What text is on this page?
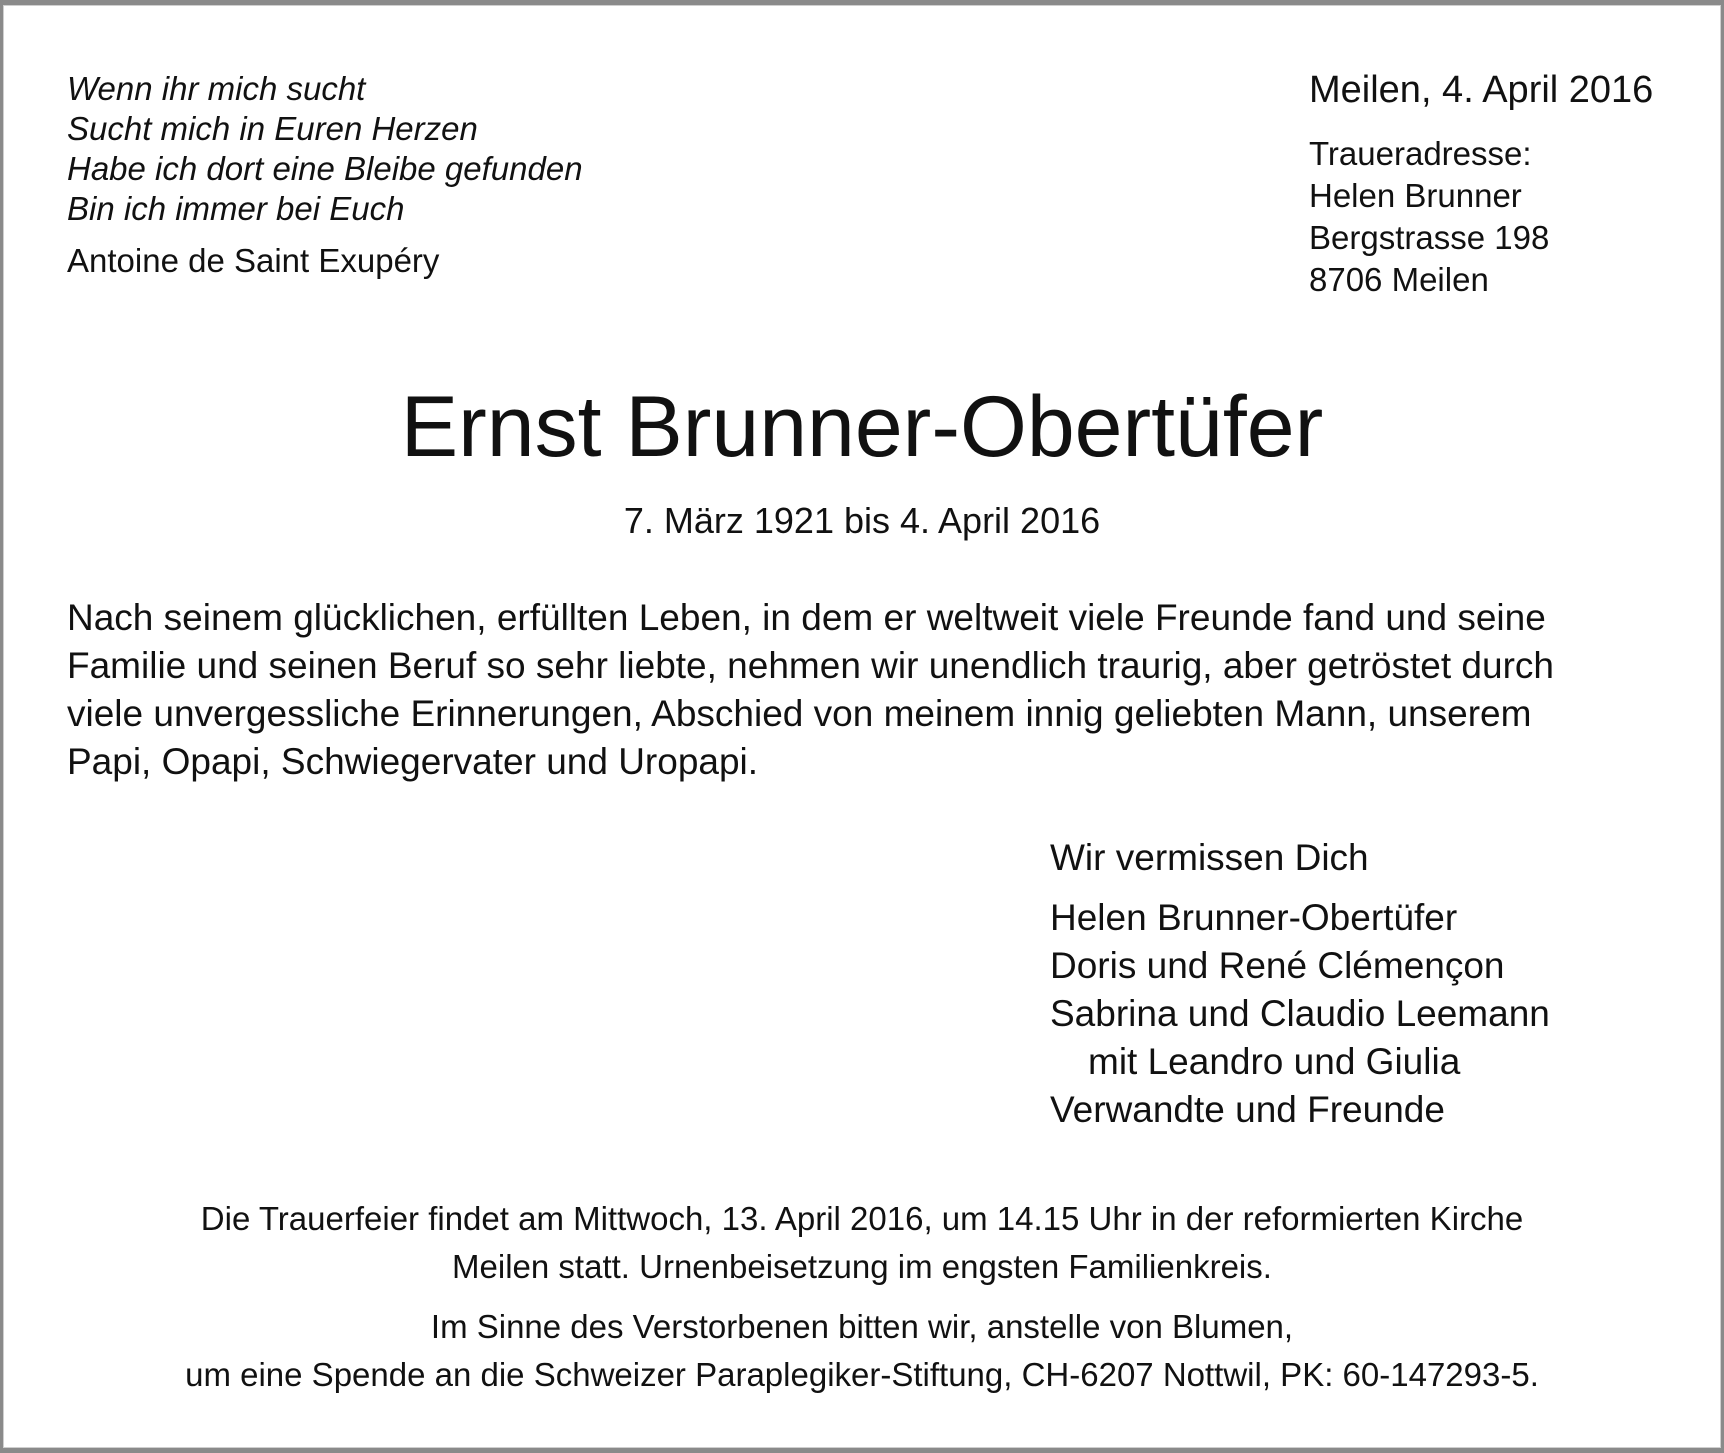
Wenn ihr mich sucht
Sucht mich in Euren Herzen
Habe ich dort eine Bleibe gefunden
Bin ich immer bei Euch
Antoine de Saint Exupéry
Meilen, 4. April 2016
Traueradresse:
Helen Brunner
Bergstrasse 198
8706 Meilen
Ernst Brunner-Obertüfer
7. März 1921 bis 4. April 2016
Nach seinem glücklichen, erfüllten Leben, in dem er weltweit viele Freunde fand und seine
Familie und seinen Beruf so sehr liebte, nehmen wir unendlich traurig, aber getröstet durch
viele unvergessliche Erinnerungen, Abschied von meinem innig geliebten Mann, unserem
Papi, Opapi, Schwiegervater und Uropapi.
Wir vermissen Dich
Helen Brunner-Obertüfer
Doris und René Clémençon
Sabrina und Claudio Leemann
mit Leandro und Giulia
Verwandte und Freunde
Die Trauerfeier findet am Mittwoch, 13. April 2016, um 14.15 Uhr in der reformierten Kirche
Meilen statt. Urnenbeisetzung im engsten Familienkreis.
Im Sinne des Verstorbenen bitten wir, anstelle von Blumen,
um eine Spende an die Schweizer Paraplegiker-Stiftung, CH-6207 Nottwil, PK: 60-147293-5.
